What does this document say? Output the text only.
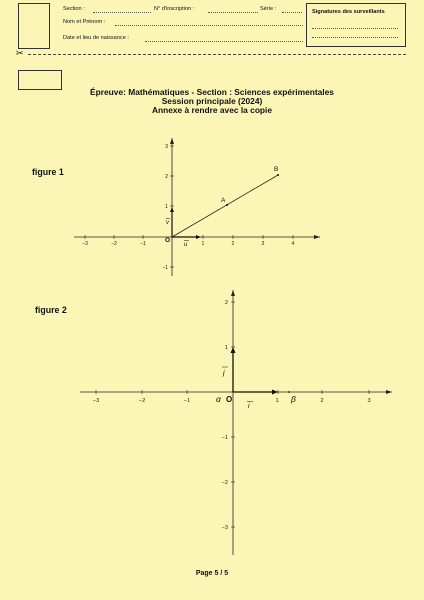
Section :	N° d'inscription :	Série :
Nom et Prénom :
Date et lieu de naissance :
Signatures des surveillants
✂
Épreuve: Mathématiques - Section : Sciences expérimentales
Session principale (2024)
Annexe à rendre avec la copie
figure 1
−3	−2	−1	1	2	3	4
3
2
1
−1
O
u
v
A
B
figure 2
−3	−2	−1	1	2	3
2
1
−1
−2
−3
O
α	β
i
j
Page 5 / 5
